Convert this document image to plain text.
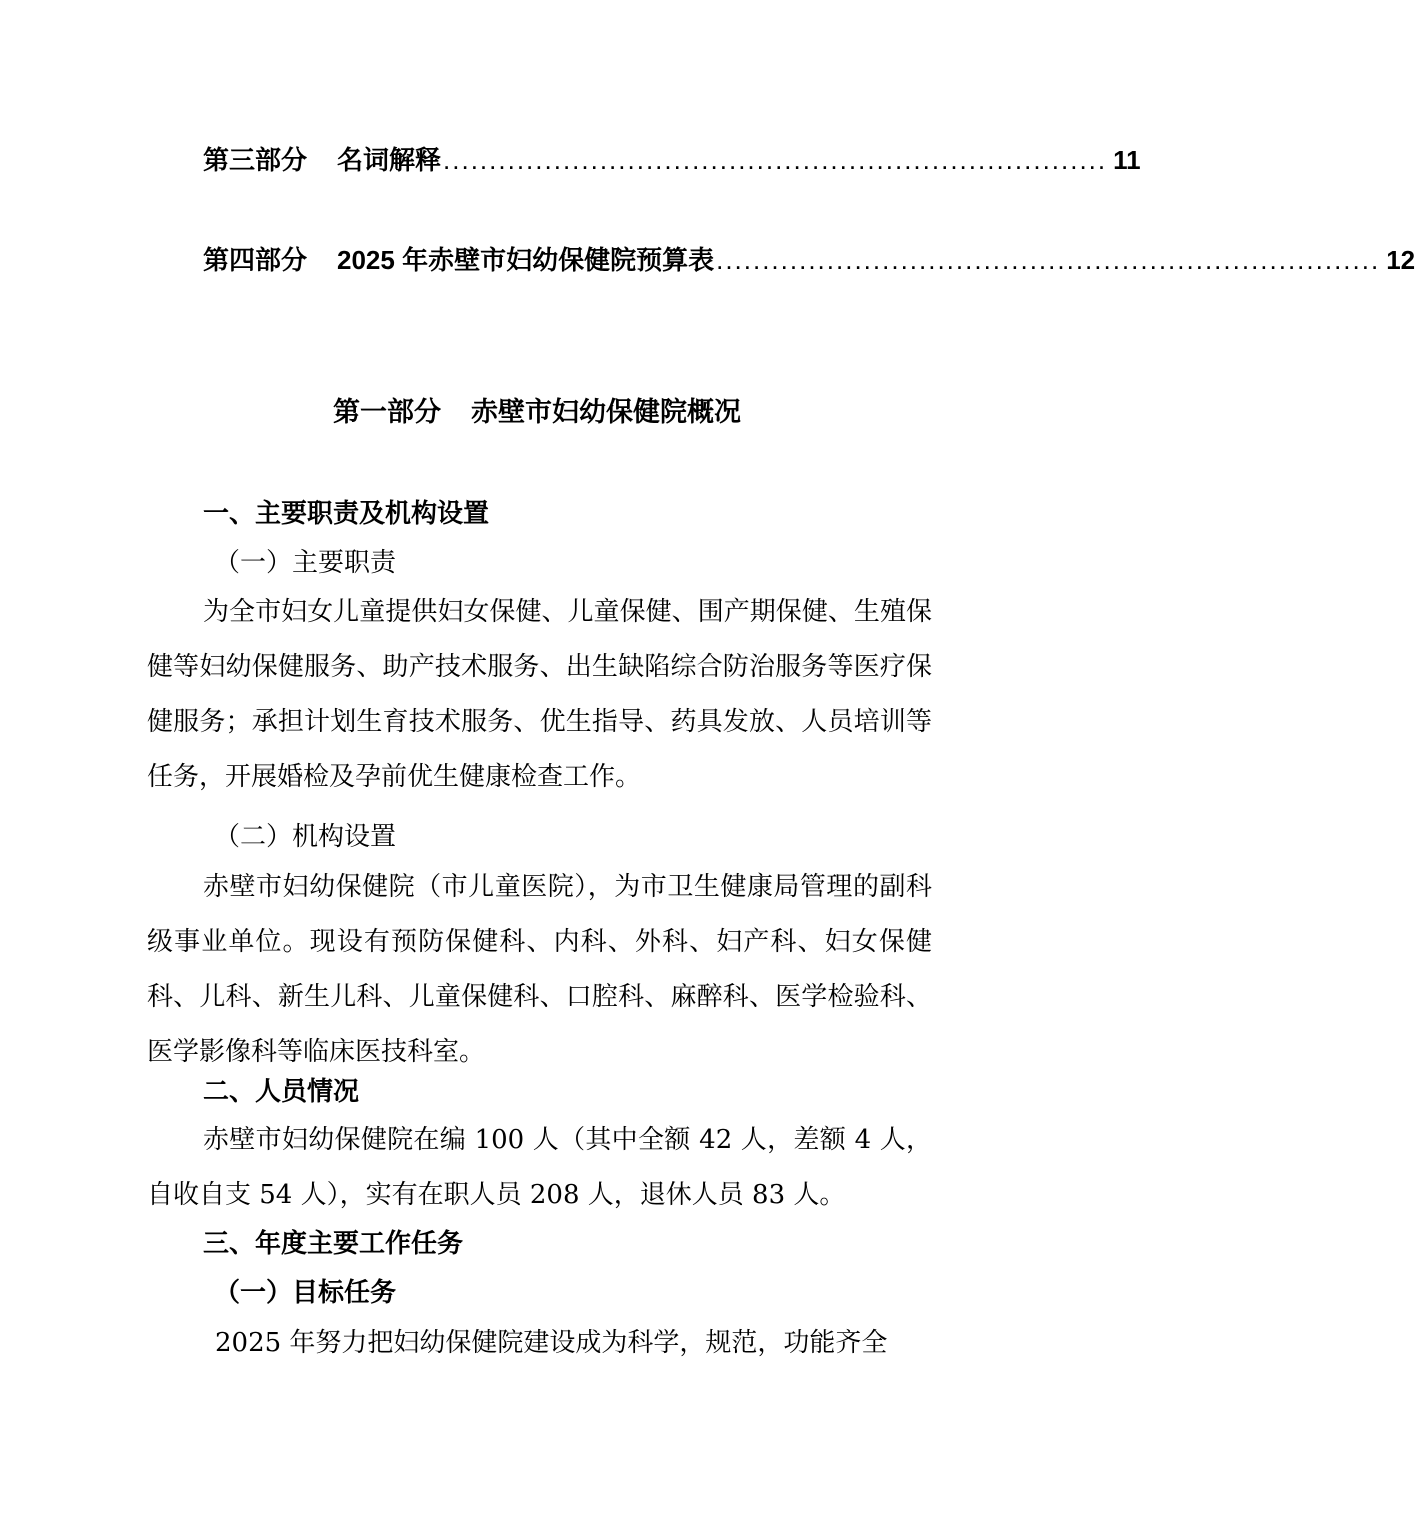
第三部分 名词解释 ........................................................................ 11
第四部分 2025 年赤壁市妇幼保健院预算表 ........................................................................ 12
第一部分 赤壁市妇幼保健院概况
一、主要职责及机构设置
（一）主要职责
为全市妇女儿童提供妇女保健、儿童保健、围产期保健、生殖保健等妇幼保健服务、助产技术服务、出生缺陷综合防治服务等医疗保健服务；承担计划生育技术服务、优生指导、药具发放、人员培训等任务，开展婚检及孕前优生健康检查工作。
（二）机构设置
赤壁市妇幼保健院（市儿童医院），为市卫生健康局管理的副科级事业单位。现设有预防保健科、内科、外科、妇产科、妇女保健科、儿科、新生儿科、儿童保健科、口腔科、麻醉科、医学检验科、医学影像科等临床医技科室。
二、人员情况
赤壁市妇幼保健院在编 100 人（其中全额 42 人，差额 4 人，自收自支 54 人），实有在职人员 208 人，退休人员 83 人。
三、年度主要工作任务
（一）目标任务
2025 年努力把妇幼保健院建设成为科学，规范，功能齐全
